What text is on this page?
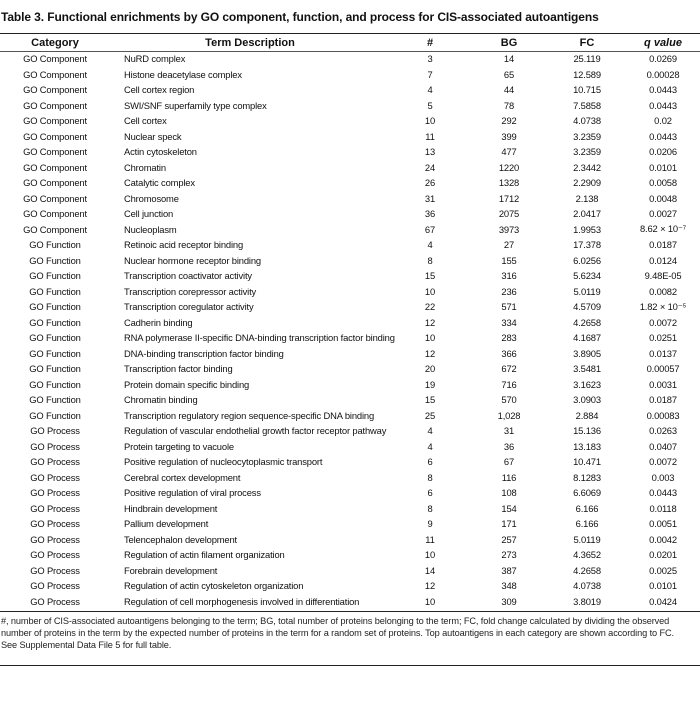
Table 3. Functional enrichments by GO component, function, and process for CIS-associated autoantigens
Category	Term Description	#	BG	FC	q value
GO Component	NuRD complex	3	14	25.119	0.0269
GO Component	Histone deacetylase complex	7	65	12.589	0.00028
GO Component	Cell cortex region	4	44	10.715	0.0443
GO Component	SWI/SNF superfamily type complex	5	78	7.5858	0.0443
GO Component	Cell cortex	10	292	4.0738	0.02
GO Component	Nuclear speck	11	399	3.2359	0.0443
GO Component	Actin cytoskeleton	13	477	3.2359	0.0206
GO Component	Chromatin	24	1220	2.3442	0.0101
GO Component	Catalytic complex	26	1328	2.2909	0.0058
GO Component	Chromosome	31	1712	2.138	0.0048
GO Component	Cell junction	36	2075	2.0417	0.0027
GO Component	Nucleoplasm	67	3973	1.9953	8.62 × 10⁻⁷
GO Function	Retinoic acid receptor binding	4	27	17.378	0.0187
GO Function	Nuclear hormone receptor binding	8	155	6.0256	0.0124
GO Function	Transcription coactivator activity	15	316	5.6234	9.48E-05
GO Function	Transcription corepressor activity	10	236	5.0119	0.0082
GO Function	Transcription coregulator activity	22	571	4.5709	1.82 × 10⁻⁵
GO Function	Cadherin binding	12	334	4.2658	0.0072
GO Function	RNA polymerase II-specific DNA-binding transcription factor binding	10	283	4.1687	0.0251
GO Function	DNA-binding transcription factor binding	12	366	3.8905	0.0137
GO Function	Transcription factor binding	20	672	3.5481	0.00057
GO Function	Protein domain specific binding	19	716	3.1623	0.0031
GO Function	Chromatin binding	15	570	3.0903	0.0187
GO Function	Transcription regulatory region sequence-specific DNA binding	25	1,028	2.884	0.00083
GO Process	Regulation of vascular endothelial growth factor receptor pathway	4	31	15.136	0.0263
GO Process	Protein targeting to vacuole	4	36	13.183	0.0407
GO Process	Positive regulation of nucleocytoplasmic transport	6	67	10.471	0.0072
GO Process	Cerebral cortex development	8	116	8.1283	0.003
GO Process	Positive regulation of viral process	6	108	6.6069	0.0443
GO Process	Hindbrain development	8	154	6.166	0.0118
GO Process	Pallium development	9	171	6.166	0.0051
GO Process	Telencephalon development	11	257	5.0119	0.0042
GO Process	Regulation of actin filament organization	10	273	4.3652	0.0201
GO Process	Forebrain development	14	387	4.2658	0.0025
GO Process	Regulation of actin cytoskeleton organization	12	348	4.0738	0.0101
GO Process	Regulation of cell morphogenesis involved in differentiation	10	309	3.8019	0.0424
#, number of CIS-associated autoantigens belonging to the term; BG, total number of proteins belonging to the term; FC, fold change calculated by dividing the observed number of proteins in the term by the expected number of proteins in the term for a random set of proteins. Top autoantigens in each category are shown according to FC. See Supplemental Data File 5 for full table.
